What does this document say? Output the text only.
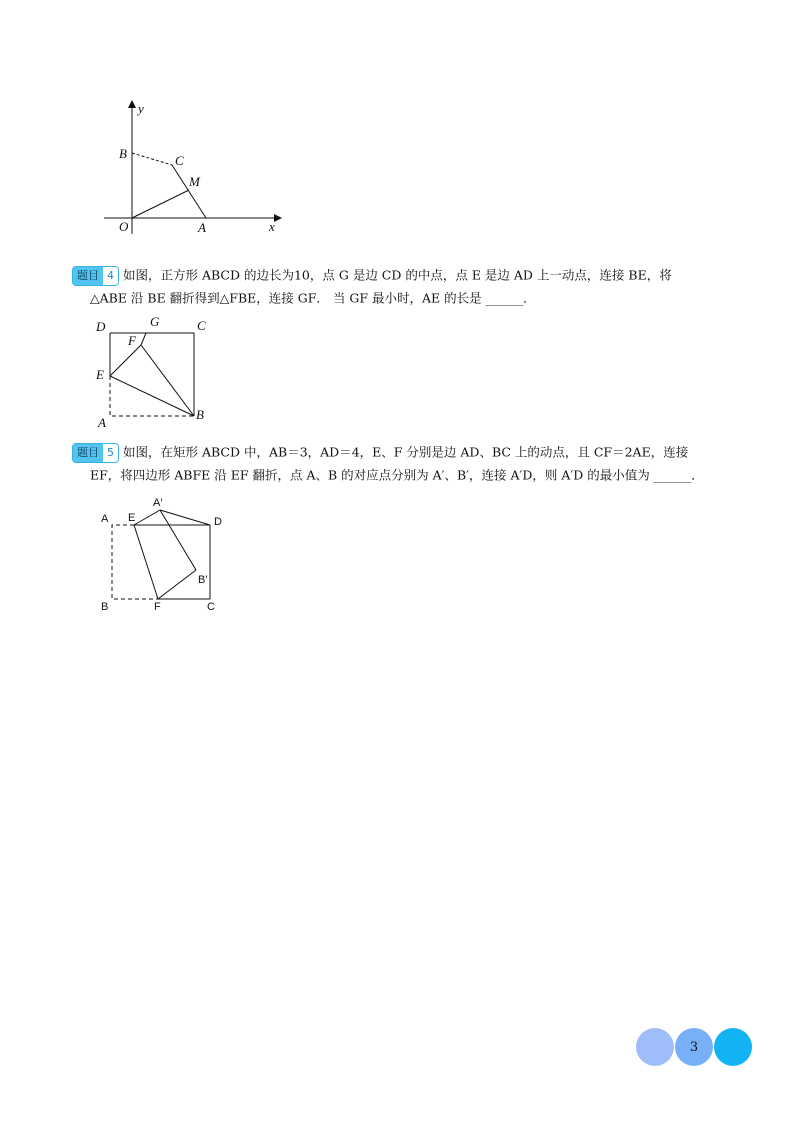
y
B	C
M
O	A	x
题目 4 如图，正方形 ABCD 的边长为10，点 G 是边 CD 的中点，点 E 是边 AD 上一动点，连接 BE，将
△ABE 沿 BE 翻折得到△FBE，连接 GF． 当 GF 最小时，AE 的长是 ______．
D	G	C
F
E
A
B
题目 5 如图，在矩形 ABCD 中，AB＝3，AD＝4，E、F 分别是边 AD、BC 上的动点，且 CF＝2AE，连接
EF，将四边形 ABFE 沿 EF 翻折，点 A、B 的对应点分别为 A′、B′，连接 A′D，则 A′D 的最小值为 ______．
A E
A′
D
B′
B	F	C
3
